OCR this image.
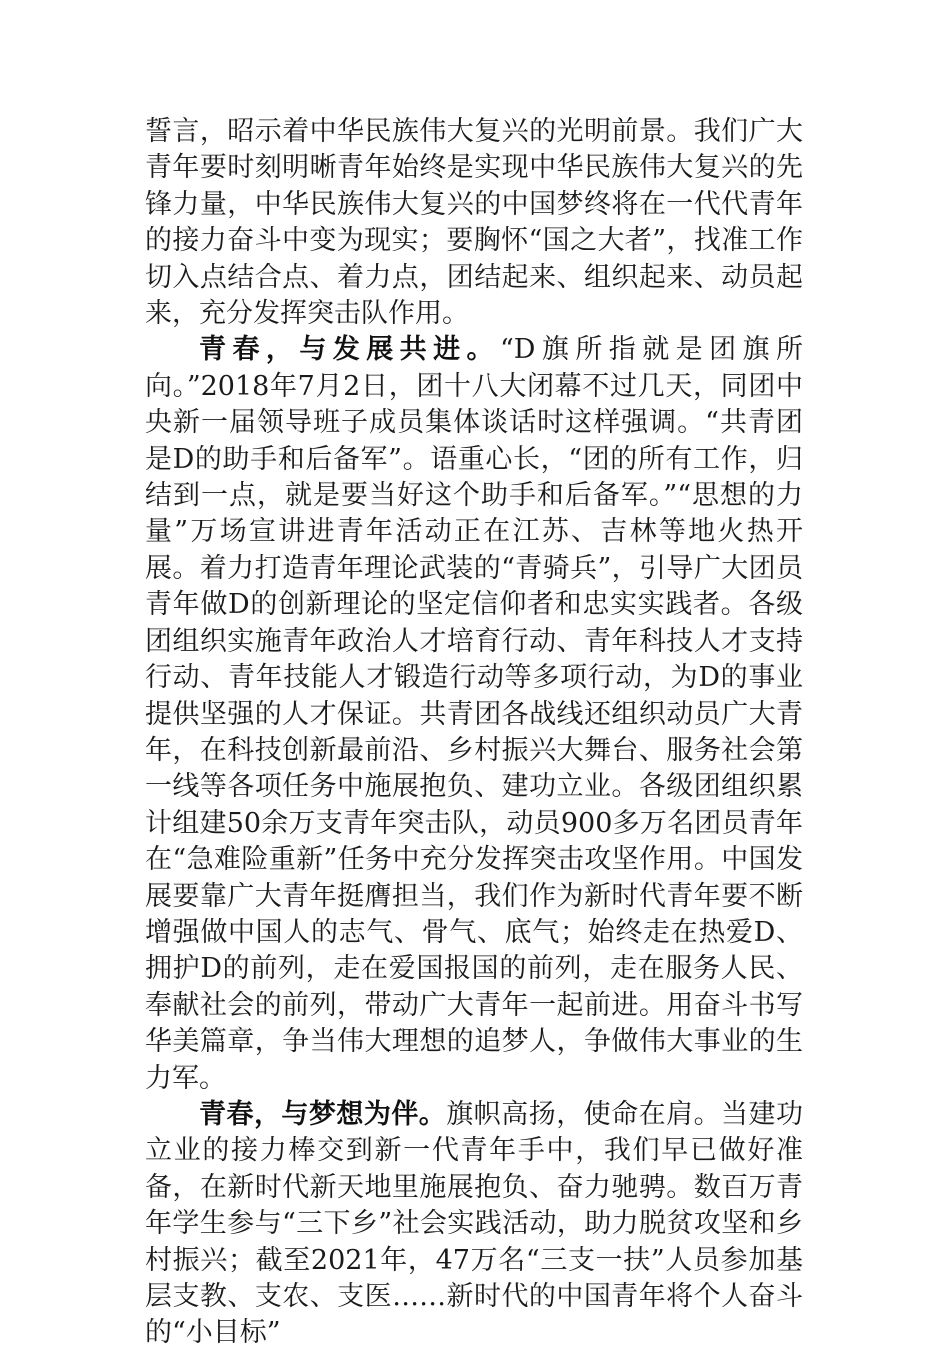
誓言，昭示着中华民族伟大复兴的光明前景。我们广大青年要时刻明晰青年始终是实现中华民族伟大复兴的先锋力量，中华民族伟大复兴的中国梦终将在一代代青年的接力奋斗中变为现实；要胸怀“国之大者”，找准工作切入点结合点、着力点，团结起来、组织起来、动员起来，充分发挥突击队作用。

青春，与发展共进。“D旗所指就是团旗所向。”2018年7月2日，团十八大闭幕不过几天，同团中央新一届领导班子成员集体谈话时这样强调。“共青团是D的助手和后备军”。语重心长，“团的所有工作，归结到一点，就是要当好这个助手和后备军。”“思想的力量”万场宣讲进青年活动正在江苏、吉林等地火热开展。着力打造青年理论武装的“青骑兵”，引导广大团员青年做D的创新理论的坚定信仰者和忠实实践者。各级团组织实施青年政治人才培育行动、青年科技人才支持行动、青年技能人才锻造行动等多项行动，为D的事业提供坚强的人才保证。共青团各战线还组织动员广大青年，在科技创新最前沿、乡村振兴大舞台、服务社会第一线等各项任务中施展抱负、建功立业。各级团组织累计组建50余万支青年突击队，动员900多万名团员青年在“急难险重新”任务中充分发挥突击攻坚作用。中国发展要靠广大青年挺膺担当，我们作为新时代青年要不断增强做中国人的志气、骨气、底气；始终走在热爱D、拥护D的前列，走在爱国报国的前列，走在服务人民、奉献社会的前列，带动广大青年一起前进。用奋斗书写华美篇章，争当伟大理想的追梦人，争做伟大事业的生力军。

青春，与梦想为伴。旗帜高扬，使命在肩。当建功立业的接力棒交到新一代青年手中，我们早已做好准备，在新时代新天地里施展抱负、奋力驰骋。数百万青年学生参与“三下乡”社会实践活动，助力脱贫攻坚和乡村振兴；截至2021年，47万名“三支一扶”人员参加基层支教、支农、支医……新时代的中国青年将个人奋斗的“小目标”
